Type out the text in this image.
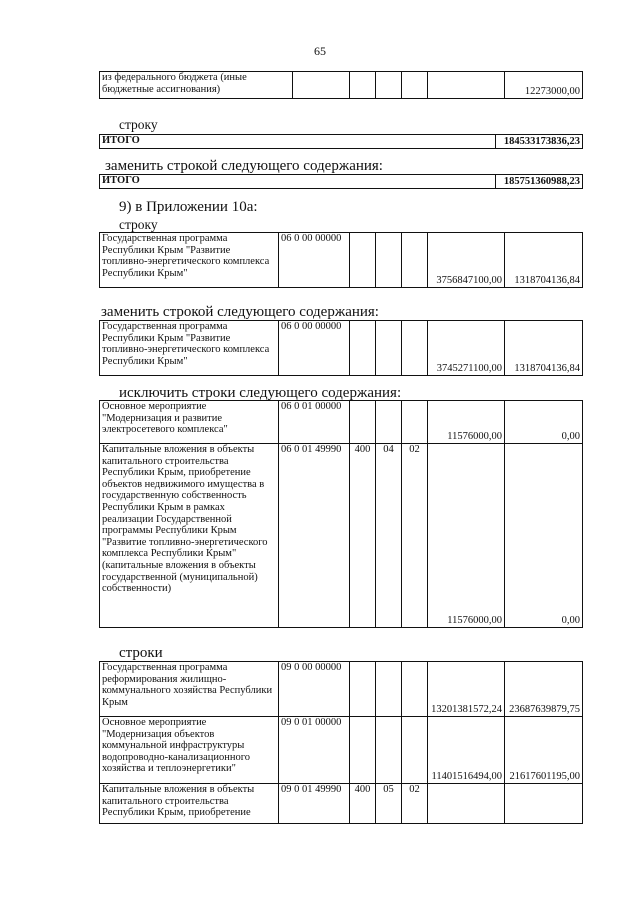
65
из федерального бюджета (иные бюджетные ассигнования)						12273000,00
строку
ИТОГО	184533173836,23
заменить строкой следующего содержания:
ИТОГО	185751360988,23
9) в Приложении 10а:
строку
Государственная программа Республики Крым "Развитие топливно-энергетического комплекса Республики Крым"	06 0 00 00000				3756847100,00	1318704136,84
заменить строкой следующего содержания:
Государственная программа Республики Крым "Развитие топливно-энергетического комплекса Республики Крым"	06 0 00 00000				3745271100,00	1318704136,84
исключить строки следующего содержания:
Основное мероприятие "Модернизация и развитие электросетевого комплекса"	06 0 01 00000				11576000,00	0,00
Капитальные вложения в объекты капитального строительства Республики Крым, приобретение объектов недвижимого имущества в государственную собственность Республики Крым в рамках реализации Государственной программы Республики Крым "Развитие топливно-энергетического комплекса Республики Крым" (капитальные вложения в объекты государственной (муниципальной) собственности)	06 0 01 49990	400	04	02	11576000,00	0,00
строки
Государственная программа реформирования жилищно-коммунального хозяйства Республики Крым	09 0 00 00000				13201381572,24	23687639879,75
Основное мероприятие "Модернизация объектов коммунальной инфраструктуры водопроводно-канализационного хозяйства и теплоэнергетики"	09 0 01 00000				11401516494,00	21617601195,00
Капитальные вложения в объекты капитального строительства Республики Крым, приобретение	09 0 01 49990	400	05	02		
